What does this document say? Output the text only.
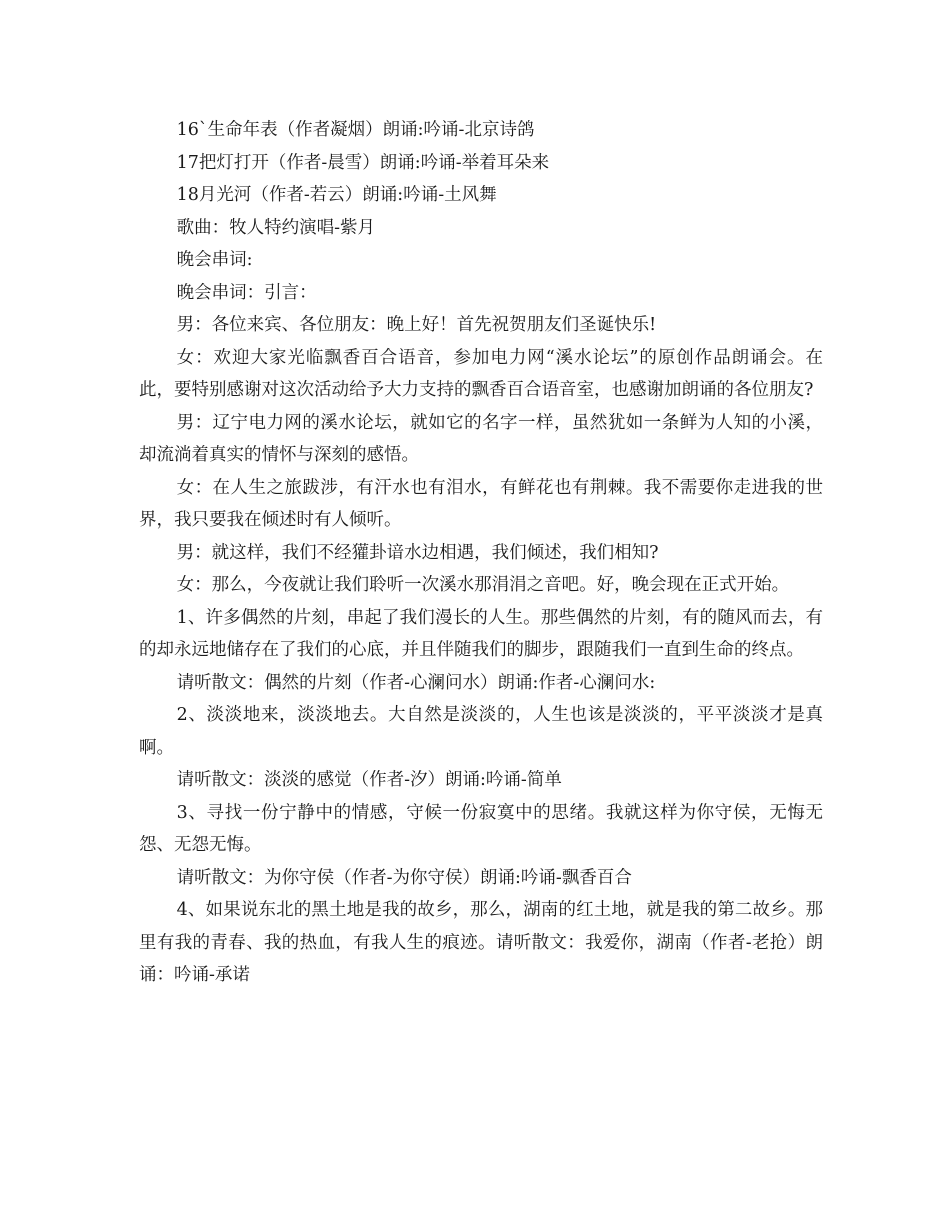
16`生命年表（作者凝烟）朗诵:吟诵-北京诗鸽

17把灯打开（作者-晨雪）朗诵:吟诵-举着耳朵来

18月光河（作者-若云）朗诵:吟诵-土风舞

歌曲：牧人特约演唱-紫月

晚会串词:

晚会串词：引言：

男：各位来宾、各位朋友：晚上好！首先祝贺朋友们圣诞快乐!

女：欢迎大家光临飘香百合语音，参加电力网“溪水论坛”的原创作品朗诵会。在此，要特别感谢对这次活动给予大力支持的飘香百合语音室，也感谢加朗诵的各位朋友?

男：辽宁电力网的溪水论坛，就如它的名字一样，虽然犹如一条鲜为人知的小溪，却流淌着真实的情怀与深刻的感悟。

女：在人生之旅跋涉，有汗水也有泪水，有鲜花也有荆棘。我不需要你走进我的世界，我只要我在倾述时有人倾听。

男：就这样，我们不经獾卦谙水边相遇，我们倾述，我们相知?

女：那么，今夜就让我们聆听一次溪水那涓涓之音吧。好，晚会现在正式开始。

1、许多偶然的片刻，串起了我们漫长的人生。那些偶然的片刻，有的随风而去，有的却永远地储存在了我们的心底，并且伴随我们的脚步，跟随我们一直到生命的终点。

请听散文：偶然的片刻（作者-心澜问水）朗诵:作者-心澜问水:

2、淡淡地来，淡淡地去。大自然是淡淡的，人生也该是淡淡的，平平淡淡才是真啊。

请听散文：淡淡的感觉（作者-汐）朗诵:吟诵-简单

3、寻找一份宁静中的情感，守候一份寂寞中的思绪。我就这样为你守侯，无悔无怨、无怨无悔。

请听散文：为你守侯（作者-为你守侯）朗诵:吟诵-飘香百合

4、如果说东北的黑土地是我的故乡，那么，湖南的红土地，就是我的第二故乡。那里有我的青春、我的热血，有我人生的痕迹。请听散文：我爱你，湖南（作者-老抢）朗诵：吟诵-承诺
